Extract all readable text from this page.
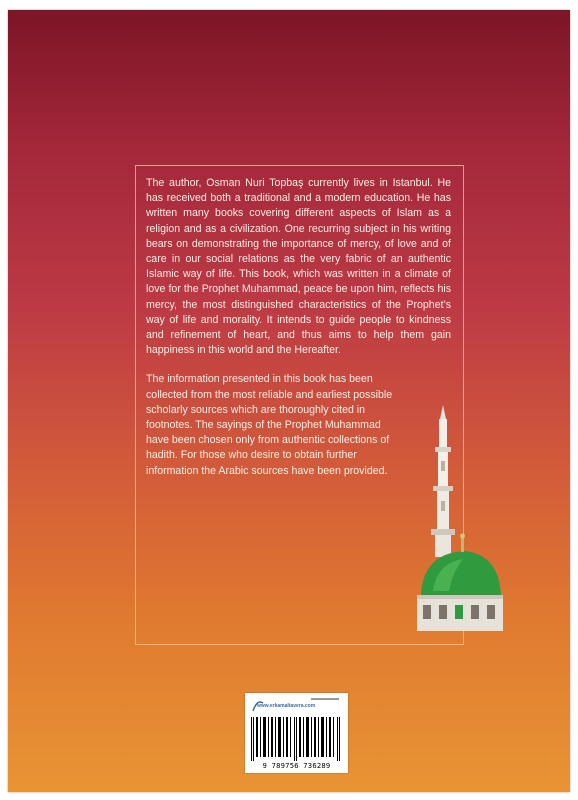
The author, Osman Nuri Topbaş currently lives in Istanbul. He has received both a traditional and a modern education. He has written many books covering different aspects of Islam as a religion and as a civilization. One recurring subject in his writing bears on demonstrating the importance of mercy, of love and of care in our social relations as the very fabric of an authentic Islamic way of life. This book, which was written in a climate of love for the Prophet Muhammad, peace be upon him, reflects his mercy, the most distinguished characteristics of the Prophet’s way of life and morality. It intends to guide people to kindness and refinement of heart, and thus aims to help them gain happiness in this world and the Hereafter.

The information presented in this book has been collected from the most reliable and earliest possible scholarly sources which are thoroughly cited in footnotes. The sayings of the Prophet Muhammad have been chosen only from authentic collections of hadith. For those who desire to obtain further information the Arabic sources have been provided.

www.erkamaltavera.com
9 789756 736289
